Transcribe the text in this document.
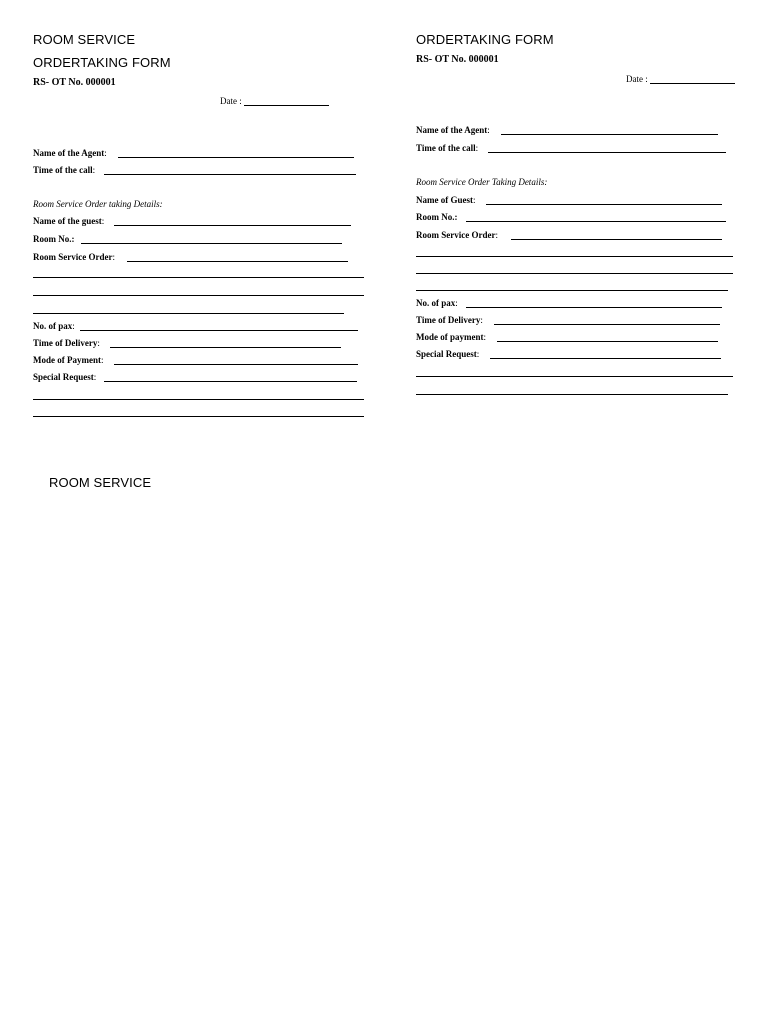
ROOM SERVICE
ORDERTAKING FORM
RS- OT No. 000001
Date :
Name of the Agent:
Time of the call:
Room Service Order taking Details:
Name of the guest:
Room No.:
Room Service Order:
No. of pax:
Time of Delivery:
Mode of Payment:
Special Request:
ORDERTAKING FORM
RS- OT No. 000001
Date :
Name of the Agent:
Time of the call:
Room Service Order Taking Details:
Name of Guest:
Room No.:
Room Service Order:
No. of pax:
Time of Delivery:
Mode of payment:
Special Request:
ROOM SERVICE
